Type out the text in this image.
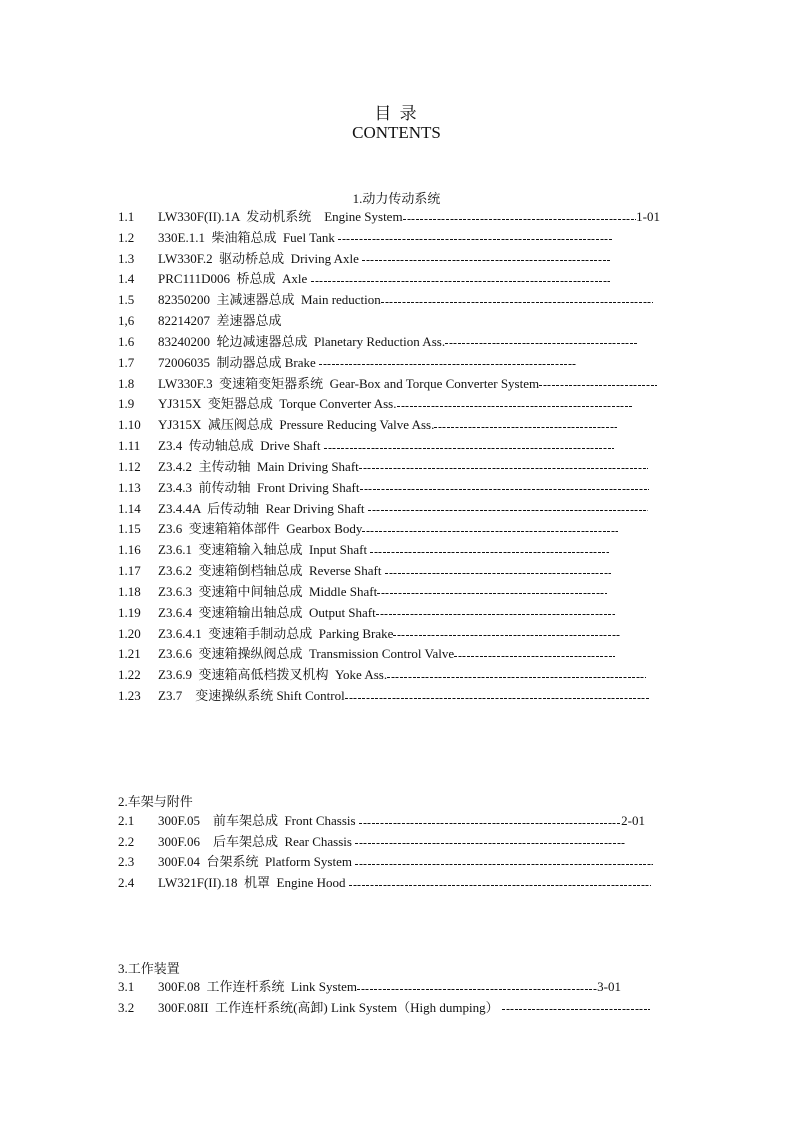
目 录
CONTENTS
1.动力传动系统
2.车架与附件
3.工作装置
1.1	LW330F(II).1A  发动机系统    Engine System	1-01
1.2	330E.1.1  柴油箱总成  Fuel Tank
1.3	LW330F.2  驱动桥总成  Driving Axle
1.4	PRC111D006  桥总成  Axle
1.5	82350200  主减速器总成  Main reduction
1,6	82214207  差速器总成
1.6	83240200  轮边减速器总成  Planetary Reduction Ass.
1.7	72006035  制动器总成 Brake
1.8	LW330F.3  变速箱变矩器系统  Gear-Box and Torque Converter System
1.9	YJ315X  变矩器总成  Torque Converter Ass.
1.10	YJ315X  减压阀总成  Pressure Reducing Valve Ass.
1.11	Z3.4  传动轴总成  Drive Shaft
1.12	Z3.4.2  主传动轴  Main Driving Shaft
1.13	Z3.4.3  前传动轴  Front Driving Shaft
1.14	Z3.4.4A  后传动轴  Rear Driving Shaft
1.15	Z3.6  变速箱箱体部件  Gearbox Body
1.16	Z3.6.1  变速箱输入轴总成  Input Shaft
1.17	Z3.6.2  变速箱倒档轴总成  Reverse Shaft
1.18	Z3.6.3  变速箱中间轴总成  Middle Shaft
1.19	Z3.6.4  变速箱输出轴总成  Output Shaft
1.20	Z3.6.4.1  变速箱手制动总成  Parking Brake
1.21	Z3.6.6  变速箱操纵阀总成  Transmission Control Valve
1.22	Z3.6.9  变速箱高低档拨叉机构  Yoke Ass.
1.23	Z3.7    变速操纵系统 Shift Control
2.1	300F.05    前车架总成  Front Chassis	2-01
2.2	300F.06    后车架总成  Rear Chassis
2.3	300F.04  台架系统  Platform System
2.4	LW321F(II).18  机罩  Engine Hood
3.1	300F.08  工作连杆系统  Link System	3-01
3.2	300F.08II  工作连杆系统(高卸) Link System（High dumping）
